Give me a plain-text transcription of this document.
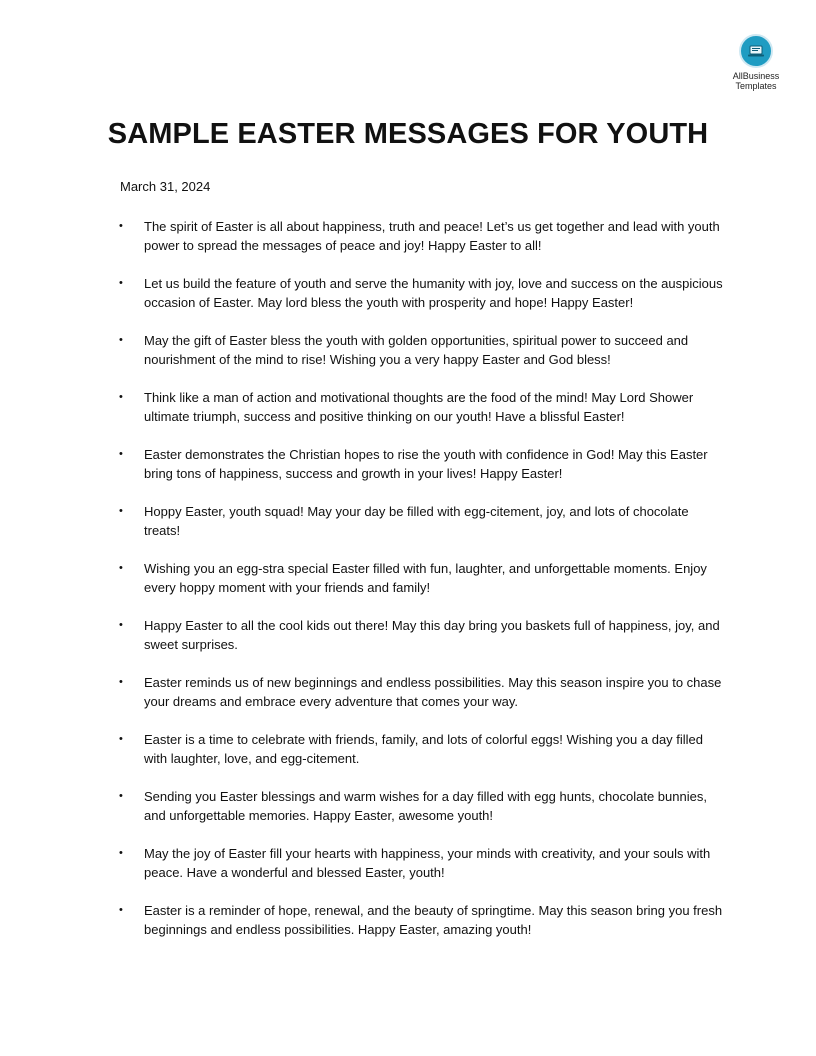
AllBusiness
Templates
SAMPLE EASTER MESSAGES FOR YOUTH
March 31, 2024
• The spirit of Easter is all about happiness, truth and peace! Let’s us get together and lead with youth power to spread the messages of peace and joy! Happy Easter to all!
• Let us build the feature of youth and serve the humanity with joy, love and success on the auspicious occasion of Easter. May lord bless the youth with prosperity and hope! Happy Easter!
• May the gift of Easter bless the youth with golden opportunities, spiritual power to succeed and nourishment of the mind to rise! Wishing you a very happy Easter and God bless!
• Think like a man of action and motivational thoughts are the food of the mind! May Lord Shower ultimate triumph, success and positive thinking on our youth! Have a blissful Easter!
• Easter demonstrates the Christian hopes to rise the youth with confidence in God! May this Easter bring tons of happiness, success and growth in your lives! Happy Easter!
• Hoppy Easter, youth squad! May your day be filled with egg-citement, joy, and lots of chocolate treats!
• Wishing you an egg-stra special Easter filled with fun, laughter, and unforgettable moments. Enjoy every hoppy moment with your friends and family!
• Happy Easter to all the cool kids out there! May this day bring you baskets full of happiness, joy, and sweet surprises.
• Easter reminds us of new beginnings and endless possibilities. May this season inspire you to chase your dreams and embrace every adventure that comes your way.
• Easter is a time to celebrate with friends, family, and lots of colorful eggs! Wishing you a day filled with laughter, love, and egg-citement.
• Sending you Easter blessings and warm wishes for a day filled with egg hunts, chocolate bunnies, and unforgettable memories. Happy Easter, awesome youth!
• May the joy of Easter fill your hearts with happiness, your minds with creativity, and your souls with peace. Have a wonderful and blessed Easter, youth!
• Easter is a reminder of hope, renewal, and the beauty of springtime. May this season bring you fresh beginnings and endless possibilities. Happy Easter, amazing youth!
